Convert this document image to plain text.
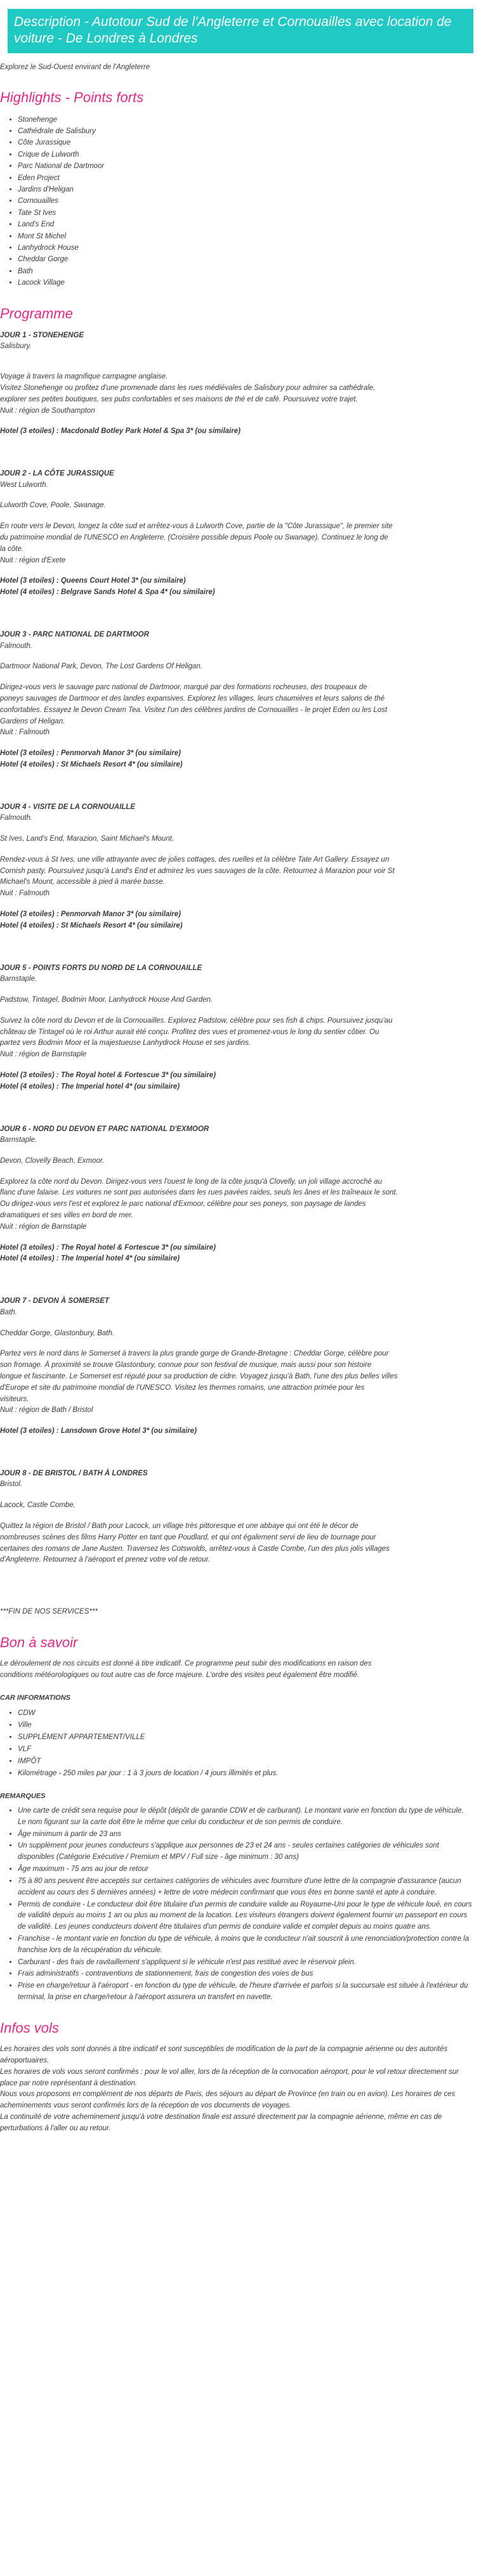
Description - Autotour Sud de l'Angleterre et Cornouailles avec location de voiture - De Londres à Londres

Explorez le Sud-Ouest envirant de l'Angleterre

Highlights - Points forts
• Stonehenge
• Cathédrale de Salisbury
• Côte Jurassique
• Crique de Lulworth
• Parc National de Dartmoor
• Eden Project
• Jardins d'Heligan
• Cornouailles
• Tate St Ives
• Land's End
• Mont St Michel
• Lanhydrock House
• Cheddar Gorge
• Bath
• Lacock Village
Programme
JOUR 1 - STONEHENGE

Salisbury.

Voyage à travers la magnifique campagne anglaise.

Visitez Stonehenge ou profitez d'une promenade dans les rues médiévales de Salisbury pour admirer sa cathédrale,

explorer ses petites boutiques, ses pubs confortables et ses maisons de thé et de café. Poursuivez votre trajet.

Nuit : région de Southampton

Hotel (3 etoiles) : Macdonald Botley Park Hotel & Spa 3* (ou similaire)

JOUR 2 - LA CÔTE JURASSIQUE

West Lulworth.

Lulworth Cove, Poole, Swanage.

En route vers le Devon, longez la côte sud et arrêtez-vous à Lulworth Cove, partie de la "Côte Jurassique", le premier site

du patrimoine mondial de l'UNESCO en Angleterre. (Croisière possible depuis Poole ou Swanage). Continuez le long de

la côte.

Nuit : région d'Exete

Hotel (3 etoiles) : Queens Court Hotel 3* (ou similaire)

Hotel (4 etoiles) : Belgrave Sands Hotel & Spa 4* (ou similaire)

JOUR 3 - PARC NATIONAL DE DARTMOOR

Falmouth.

Dartmoor National Park, Devon, The Lost Gardens Of Heligan.

Dirigez-vous vers le sauvage parc national de Dartmoor, marqué par des formations rocheuses, des troupeaux de

poneys sauvages de Dartmoor et des landes expansives. Explorez les villages, leurs chaumières et leurs salons de thé

confortables. Essayez le Devon Cream Tea. Visitez l'un des célèbres jardins de Cornouailles - le projet Eden ou les Lost

Gardens of Heligan.

Nuit : Falmouth

Hotel (3 etoiles) : Penmorvah Manor 3* (ou similaire)

Hotel (4 etoiles) : St Michaels Resort 4* (ou similaire)

JOUR 4 - VISITE DE LA CORNOUAILLE

Falmouth.

St Ives, Land's End, Marazion, Saint Michael's Mount.

Rendez-vous à St Ives, une ville attrayante avec de jolies cottages, des ruelles et la célèbre Tate Art Gallery. Essayez un

Cornish pasty. Poursuivez jusqu'à Land's End et admirez les vues sauvages de la côte. Retournez à Marazion pour voir St

Michael's Mount, accessible à pied à marée basse.

Nuit : Falmouth

Hotel (3 etoiles) : Penmorvah Manor 3* (ou similaire)

Hotel (4 etoiles) : St Michaels Resort 4* (ou similaire)

JOUR 5 - POINTS FORTS DU NORD DE LA CORNOUAILLE

Barnstaple.

Padstow, Tintagel, Bodmin Moor, Lanhydrock House And Garden.

Suivez la côte nord du Devon et de la Cornouailles. Explorez Padstow, célèbre pour ses fish & chips. Poursuivez jusqu'au

château de Tintagel où le roi Arthur aurait été conçu. Profitez des vues et promenez-vous le long du sentier côtier. Ou

partez vers Bodmin Moor et la majestueuse Lanhydrock House et ses jardins.

Nuit : région de Barnstaple

Hotel (3 etoiles) : The Royal hotel & Fortescue 3* (ou similaire)

Hotel (4 etoiles) : The Imperial hotel 4* (ou similaire)

JOUR 6 - NORD DU DEVON ET PARC NATIONAL D'EXMOOR

Barnstaple.

Devon, Clovelly Beach, Exmoor.

Explorez la côte nord du Devon. Dirigez-vous vers l'ouest le long de la côte jusqu'à Clovelly, un joli village accroché au

flanc d'une falaise. Les voitures ne sont pas autorisées dans les rues pavées raides, seuls les ânes et les traîneaux le sont.

Ou dirigez-vous vers l'est et explorez le parc national d'Exmoor, célèbre pour ses poneys, son paysage de landes

dramatiques et ses villes en bord de mer.

Nuit : région de Barnstaple

Hotel (3 etoiles) : The Royal hotel & Fortescue 3* (ou similaire)

Hotel (4 etoiles) : The Imperial hotel 4* (ou similaire)

JOUR 7 - DEVON À SOMERSET

Bath.

Cheddar Gorge, Glastonbury, Bath.

Partez vers le nord dans le Somerset à travers la plus grande gorge de Grande-Bretagne : Cheddar Gorge, célèbre pour

son fromage. À proximité se trouve Glastonbury, connue pour son festival de musique, mais aussi pour son histoire

longue et fascinante. Le Somerset est réputé pour sa production de cidre. Voyagez jusqu'à Bath, l'une des plus belles villes

d'Europe et site du patrimoine mondial de l'UNESCO. Visitez les thermes romains, une attraction primée pour les

visiteurs.

Nuit : région de Bath / Bristol

Hotel (3 etoiles) : Lansdown Grove Hotel 3* (ou similaire)

JOUR 8 - DE BRISTOL / BATH À LONDRES

Bristol.

Lacock, Castle Combe.

Quittez la région de Bristol / Bath pour Lacock, un village très pittoresque et une abbaye qui ont été le décor de

nombreuses scènes des films Harry Potter en tant que Poudlard, et qui ont également servi de lieu de tournage pour

certaines des romans de Jane Austen. Traversez les Cotswolds, arrêtez-vous à Castle Combe, l'un des plus jolis villages

d'Angleterre. Retournez à l'aéroport et prenez votre vol de retour.

***FIN DE NOS SERVICES***

Bon à savoir

Le déroulement de nos circuits est donné à titre indicatif. Ce programme peut subir des modifications en raison des

conditions météorologiques ou tout autre cas de force majeure. L'ordre des visites peut également être modifié.

CAR INFORMATIONS
• CDW
• Ville
• SUPPLÉMENT APPARTEMENT/VILLE
• VLF
• IMPÔT
• Kilométrage - 250 miles par jour : 1 à 3 jours de location / 4 jours illimités et plus.
REMARQUES
• Une carte de crédit sera requise pour le dépôt (dépôt de garantie CDW et de carburant). Le montant varie en fonction du type de véhicule. Le nom figurant sur la carte doit être le même que celui du conducteur et de son permis de conduire.
• Âge minimum à partir de 23 ans
• Un supplément pour jeunes conducteurs s'applique aux personnes de 23 et 24 ans - seules certaines catégories de véhicules sont disponibles (Catégorie Exécutive / Premium et MPV / Full size - âge minimum : 30 ans)
• Âge maximum - 75 ans au jour de retour
• 75 à 80 ans peuvent être acceptés sur certaines catégories de véhicules avec fourniture d'une lettre de la compagnie d'assurance (aucun accident au cours des 5 dernières années) + lettre de votre médecin confirmant que vous êtes en bonne santé et apte à conduire.
• Permis de conduire - Le conducteur doit être titulaire d'un permis de conduire valide au Royaume-Uni pour le type de véhicule loué, en cours de validité depuis au moins 1 an ou plus au moment de la location. Les visiteurs étrangers doivent également fournir un passeport en cours de validité. Les jeunes conducteurs doivent être titulaires d'un permis de conduire valide et complet depuis au moins quatre ans.
• Franchise - le montant varie en fonction du type de véhicule, à moins que le conducteur n'ait souscrit à une renonciation/protection contre la franchise lors de la récupération du véhicule.
• Carburant - des frais de ravitaillement s'appliquent si le véhicule n'est pas restitué avec le réservoir plein.
• Frais administratifs - contraventions de stationnement, frais de congestion des voies de bus
• Prise en charge/retour à l'aéroport - en fonction du type de véhicule, de l'heure d'arrivée et parfois si la succursale est située à l'extérieur du terminal, la prise en charge/retour à l'aéroport assurera un transfert en navette.
Infos vols

Les horaires des vols sont donnés à titre indicatif et sont susceptibles de modification de la part de la compagnie aérienne ou des autorités aéroportuaires.

Les horaires de vols vous seront confirmés : pour le vol aller, lors de la réception de la convocation aéroport, pour le vol retour directement sur place par notre représentant à destination.

Nous vous proposons en complément de nos départs de Paris, des séjours au départ de Province (en train ou en avion). Les horaires de ces acheminements vous seront confirmés lors de la réception de vos documents de voyages.

La continuité de votre acheminement jusqu'à votre destination finale est assuré directement par la compagnie aérienne, même en cas de perturbations à l'aller ou au retour.
